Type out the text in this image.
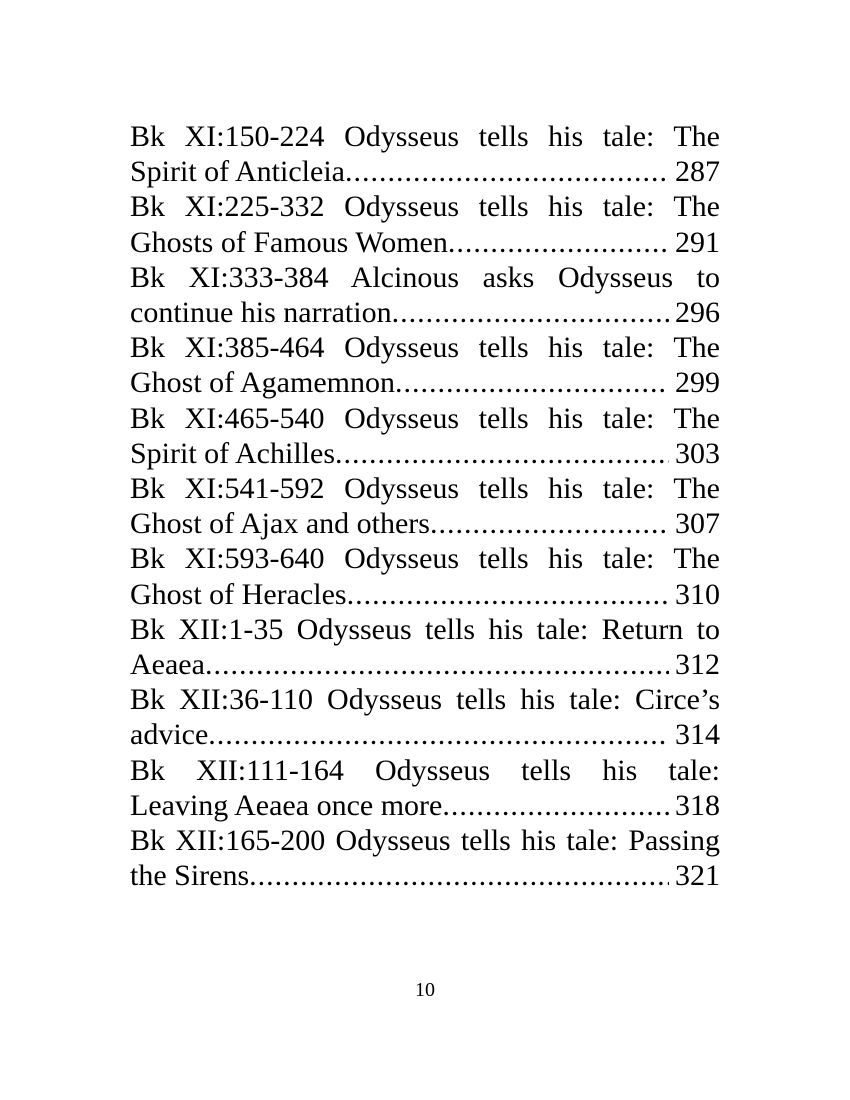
Bk XI:150-224 Odysseus tells his tale: The
Spirit of Anticleia .....	287
Bk XI:225-332 Odysseus tells his tale: The
Ghosts of Famous Women .....	291
Bk XI:333-384 Alcinous asks Odysseus to
continue his narration .....	296
Bk XI:385-464 Odysseus tells his tale: The
Ghost of Agamemnon .....	299
Bk XI:465-540 Odysseus tells his tale: The
Spirit of Achilles .....	303
Bk XI:541-592 Odysseus tells his tale: The
Ghost of Ajax and others .....	307
Bk XI:593-640 Odysseus tells his tale: The
Ghost of Heracles .....	310
Bk XII:1-35 Odysseus tells his tale: Return to
Aeaea .....	312
Bk XII:36-110 Odysseus tells his tale: Circe’s
advice .....	314
Bk XII:111-164 Odysseus tells his tale:
Leaving Aeaea once more .....	318
Bk XII:165-200 Odysseus tells his tale: Passing
the Sirens .....	321
10
